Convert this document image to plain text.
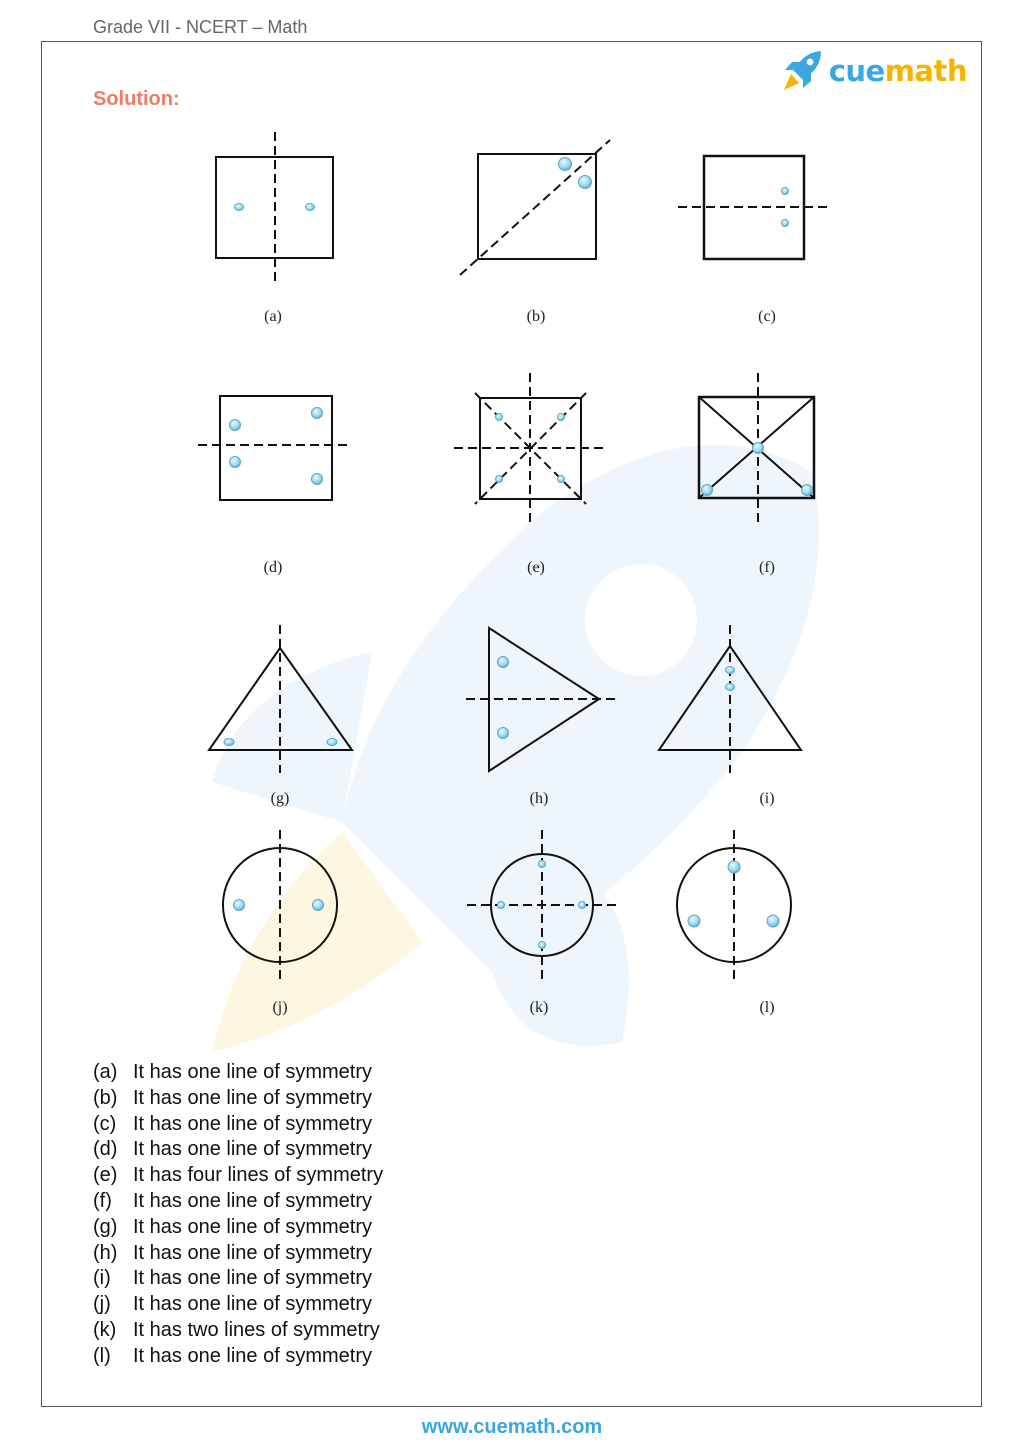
Grade VII - NCERT – Math
cuemath
Solution:
(a)	(b)	(c)
(d)	(e)	(f)
(g)	(h)	(i)
(j)	(k)	(l)
(a) It has one line of symmetry
(b) It has one line of symmetry
(c) It has one line of symmetry
(d) It has one line of symmetry
(e) It has four lines of symmetry
(f)	It has one line of symmetry
(g) It has one line of symmetry
(h) It has one line of symmetry
(i)	It has one line of symmetry
(j)	It has one line of symmetry
(k) It has two lines of symmetry
(l)	It has one line of symmetry
www.cuemath.com
